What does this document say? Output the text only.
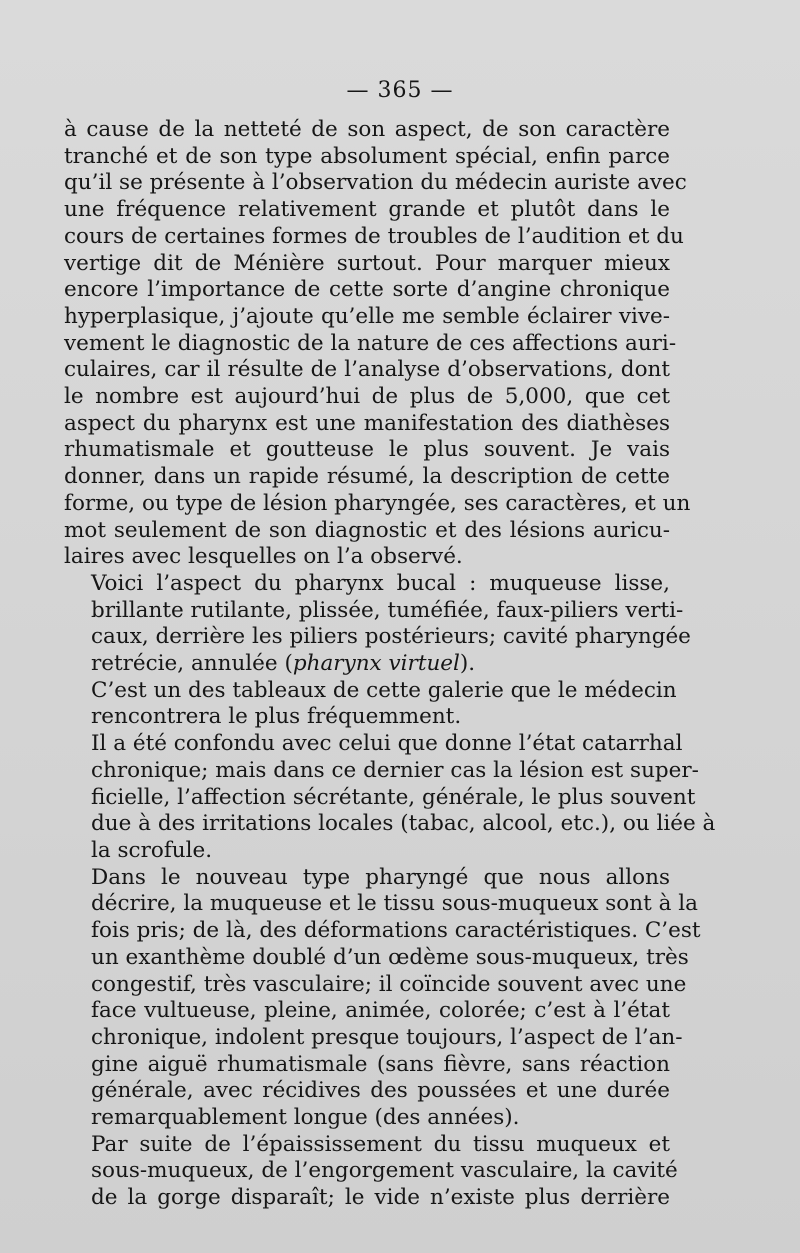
— 365 —
à cause de la netteté de son aspect, de son caractère
tranché et de son type absolument spécial, enfin parce
qu’il se présente à l’observation du médecin auriste avec
une fréquence relativement grande et plutôt dans le
cours de certaines formes de troubles de l’audition et du
vertige dit de Ménière surtout. Pour marquer mieux
encore l’importance de cette sorte d’angine chronique
hyperplasique, j’ajoute qu’elle me semble éclairer vive-
vement le diagnostic de la nature de ces affections auri-
culaires, car il résulte de l’analyse d’observations, dont
le nombre est aujourd’hui de plus de 5,000, que cet
aspect du pharynx est une manifestation des diathèses
rhumatismale et goutteuse le plus souvent. Je vais
donner, dans un rapide résumé, la description de cette
forme, ou type de lésion pharyngée, ses caractères, et un
mot seulement de son diagnostic et des lésions auricu-
laires avec lesquelles on l’a observé.
Voici l’aspect du pharynx bucal : muqueuse lisse,
brillante rutilante, plissée, tuméfiée, faux-piliers verti-
caux, derrière les piliers postérieurs; cavité pharyngée
retrécie, annulée (pharynx virtuel).
C’est un des tableaux de cette galerie que le médecin
rencontrera le plus fréquemment.
Il a été confondu avec celui que donne l’état catarrhal
chronique; mais dans ce dernier cas la lésion est super-
ficielle, l’affection sécrétante, générale, le plus souvent
due à des irritations locales (tabac, alcool, etc.), ou liée à
la scrofule.
Dans le nouveau type pharyngé que nous allons
décrire, la muqueuse et le tissu sous-muqueux sont à la
fois pris; de là, des déformations caractéristiques. C’est
un exanthème doublé d’un œdème sous-muqueux, très
congestif, très vasculaire; il coïncide souvent avec une
face vultueuse, pleine, animée, colorée; c’est à l’état
chronique, indolent presque toujours, l’aspect de l’an-
gine aiguë rhumatismale (sans fièvre, sans réaction
générale, avec récidives des poussées et une durée
remarquablement longue (des années).
Par suite de l’épaississement du tissu muqueux et
sous-muqueux, de l’engorgement vasculaire, la cavité
de la gorge disparaît; le vide n’existe plus derrière
